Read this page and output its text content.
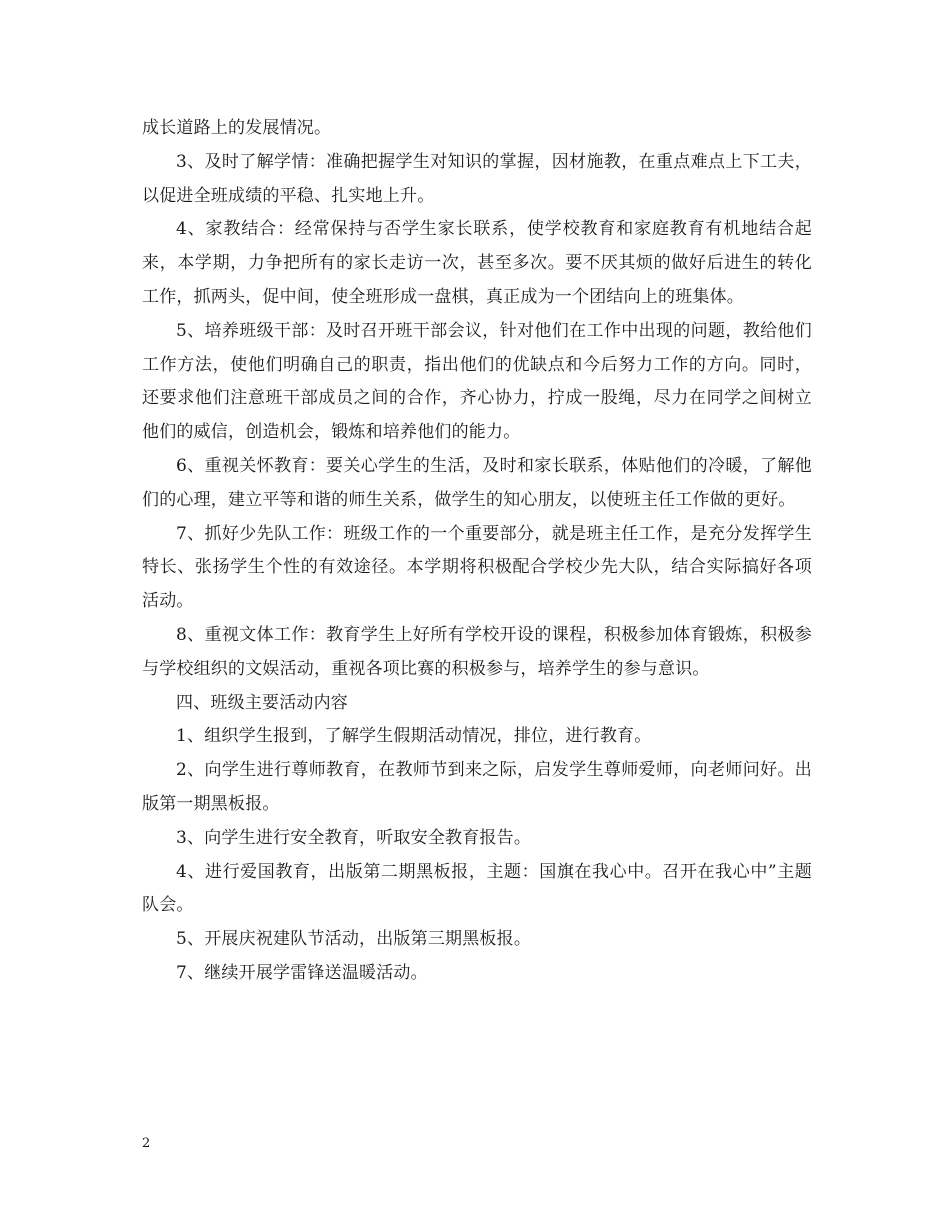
成长道路上的发展情况。

3、及时了解学情：准确把握学生对知识的掌握，因材施教，在重点难点上下工夫，以促进全班成绩的平稳、扎实地上升。

4、家教结合：经常保持与否学生家长联系，使学校教育和家庭教育有机地结合起来，本学期，力争把所有的家长走访一次，甚至多次。要不厌其烦的做好后进生的转化工作，抓两头，促中间，使全班形成一盘棋，真正成为一个团结向上的班集体。

5、培养班级干部：及时召开班干部会议，针对他们在工作中出现的问题，教给他们工作方法，使他们明确自己的职责，指出他们的优缺点和今后努力工作的方向。同时，还要求他们注意班干部成员之间的合作，齐心协力，拧成一股绳，尽力在同学之间树立他们的威信，创造机会，锻炼和培养他们的能力。

6、重视关怀教育：要关心学生的生活，及时和家长联系，体贴他们的冷暖，了解他们的心理，建立平等和谐的师生关系，做学生的知心朋友，以使班主任工作做的更好。

7、抓好少先队工作：班级工作的一个重要部分，就是班主任工作，是充分发挥学生特长、张扬学生个性的有效途径。本学期将积极配合学校少先大队，结合实际搞好各项活动。

8、重视文体工作：教育学生上好所有学校开设的课程，积极参加体育锻炼，积极参与学校组织的文娱活动，重视各项比赛的积极参与，培养学生的参与意识。

四、班级主要活动内容

1、组织学生报到，了解学生假期活动情况，排位，进行教育。

2、向学生进行尊师教育，在教师节到来之际，启发学生尊师爱师，向老师问好。出版第一期黑板报。

3、向学生进行安全教育，听取安全教育报告。

4、进行爱国教育，出版第二期黑板报，主题：国旗在我心中。召开在我心中”主题队会。

5、开展庆祝建队节活动，出版第三期黑板报。

7、继续开展学雷锋送温暖活动。

2
